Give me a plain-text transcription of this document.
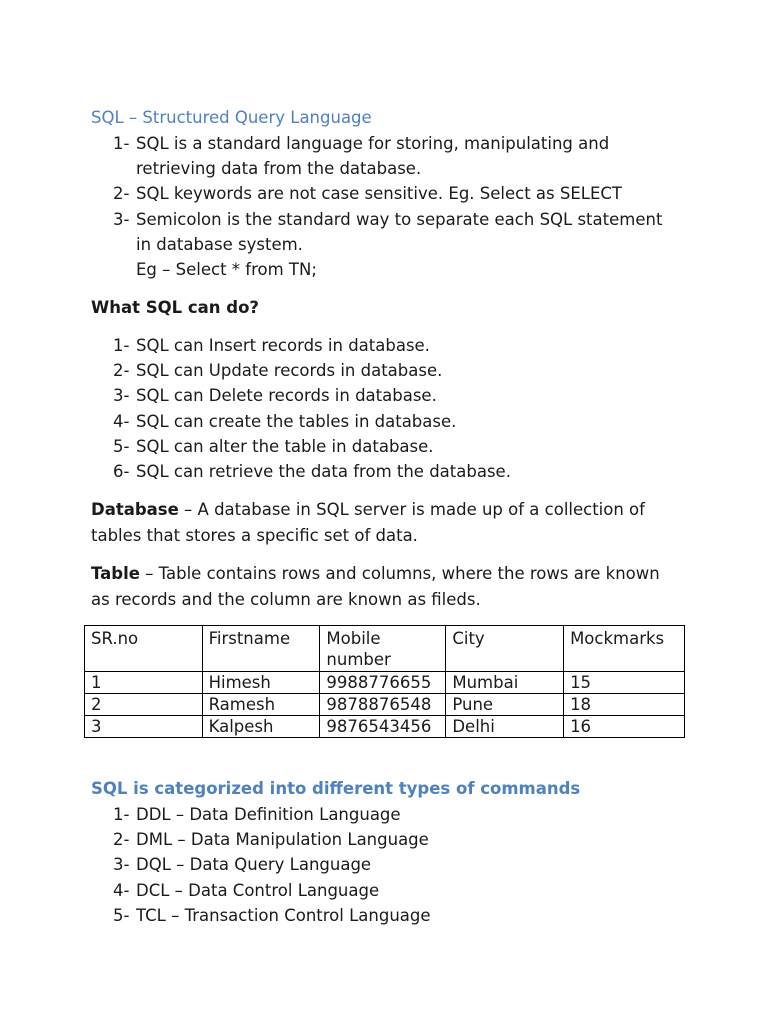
SQL – Structured Query Language
1- SQL is a standard language for storing, manipulating and retrieving data from the database.
2- SQL keywords are not case sensitive. Eg. Select as SELECT
3- Semicolon is the standard way to separate each SQL statement in database system.
Eg – Select * from TN;
What SQL can do?
1- SQL can Insert records in database.
2- SQL can Update records in database.
3- SQL can Delete records in database.
4- SQL can create the tables in database.
5- SQL can alter the table in database.
6- SQL can retrieve the data from the database.

Database – A database in SQL server is made up of a collection of tables that stores a specific set of data.

Table – Table contains rows and columns, where the rows are known as records and the column are known as fileds.

SR.no	Firstname	Mobile number	City	Mockmarks
1	Himesh	9988776655	Mumbai	15
2	Ramesh	9878876548	Pune	18
3	Kalpesh	9876543456	Delhi	16
SQL is categorized into different types of commands
1- DDL – Data Definition Language
2- DML – Data Manipulation Language
3- DQL – Data Query Language
4- DCL – Data Control Language
5- TCL – Transaction Control Language
